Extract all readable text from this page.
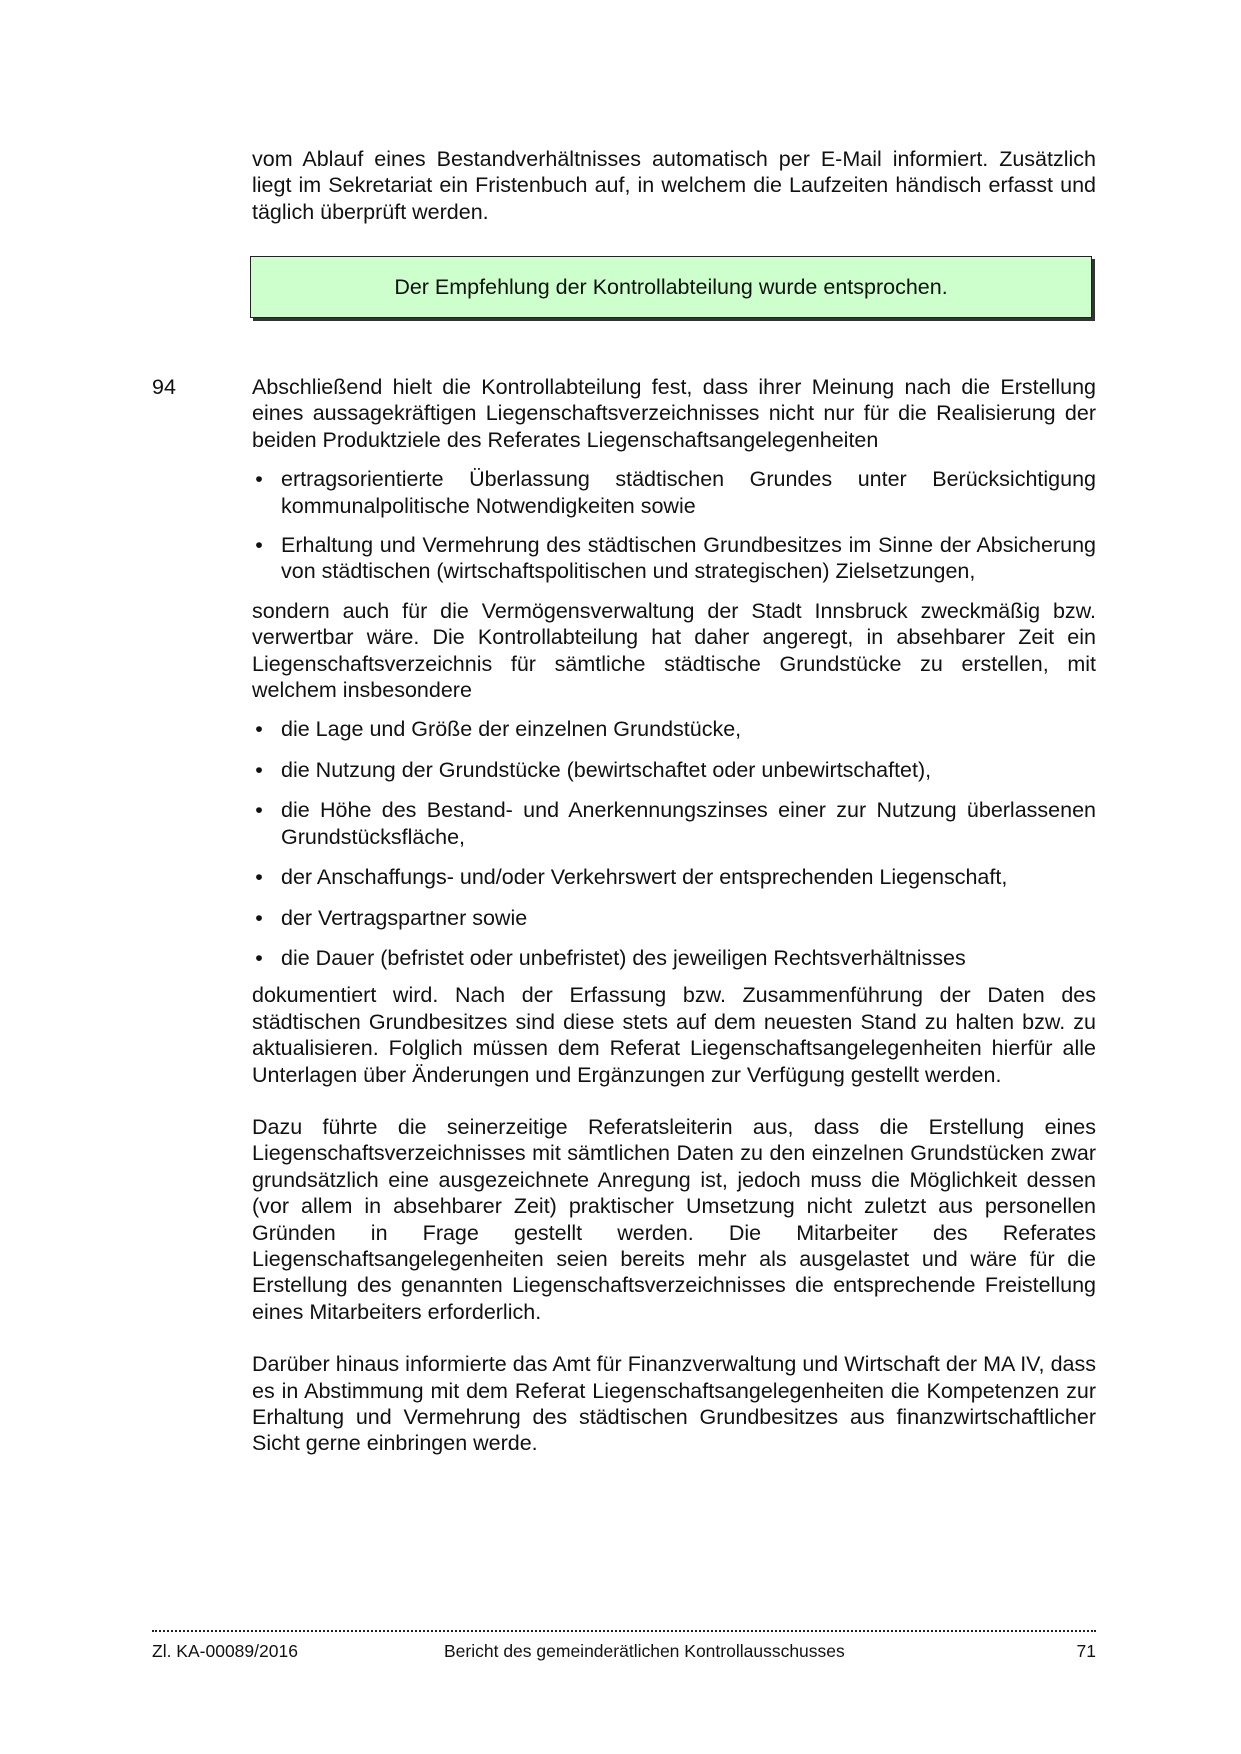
vom Ablauf eines Bestandverhältnisses automatisch per E-Mail informiert. Zusätzlich liegt im Sekretariat ein Fristenbuch auf, in welchem die Laufzeiten händisch erfasst und täglich überprüft werden.

Der Empfehlung der Kontrollabteilung wurde entsprochen.
94	Abschließend hielt die Kontrollabteilung fest, dass ihrer Meinung nach die Erstellung eines aussagekräftigen Liegenschaftsverzeichnisses nicht nur für die Realisierung der beiden Produktziele des Referates Liegenschaftsangelegenheiten

• ertragsorientierte Überlassung städtischen Grundes unter Berücksichtigung kommunalpolitische Notwendigkeiten sowie
• Erhaltung und Vermehrung des städtischen Grundbesitzes im Sinne der Absicherung von städtischen (wirtschaftspolitischen und strategischen) Zielsetzungen,

sondern auch für die Vermögensverwaltung der Stadt Innsbruck zweckmäßig bzw. verwertbar wäre. Die Kontrollabteilung hat daher angeregt, in absehbarer Zeit ein Liegenschaftsverzeichnis für sämtliche städtische Grundstücke zu erstellen, mit welchem insbesondere

• die Lage und Größe der einzelnen Grundstücke,
• die Nutzung der Grundstücke (bewirtschaftet oder unbewirtschaftet),
• die Höhe des Bestand- und Anerkennungszinses einer zur Nutzung überlassenen Grundstücksfläche,
• der Anschaffungs- und/oder Verkehrswert der entsprechenden Liegenschaft,
• der Vertragspartner sowie
• die Dauer (befristet oder unbefristet) des jeweiligen Rechtsverhältnisses

dokumentiert wird. Nach der Erfassung bzw. Zusammenführung der Daten des städtischen Grundbesitzes sind diese stets auf dem neuesten Stand zu halten bzw. zu aktualisieren. Folglich müssen dem Referat Liegenschaftsangelegenheiten hierfür alle Unterlagen über Änderungen und Ergänzungen zur Verfügung gestellt werden.

Dazu führte die seinerzeitige Referatsleiterin aus, dass die Erstellung eines Liegenschaftsverzeichnisses mit sämtlichen Daten zu den einzelnen Grundstücken zwar grundsätzlich eine ausgezeichnete Anregung ist, jedoch muss die Möglichkeit dessen (vor allem in absehbarer Zeit) praktischer Umsetzung nicht zuletzt aus personellen Gründen in Frage gestellt werden. Die Mitarbeiter des Referates Liegenschaftsangelegenheiten seien bereits mehr als ausgelastet und wäre für die Erstellung des genannten Liegenschaftsverzeichnisses die entsprechende Freistellung eines Mitarbeiters erforderlich.

Darüber hinaus informierte das Amt für Finanzverwaltung und Wirtschaft der MA IV, dass es in Abstimmung mit dem Referat Liegenschaftsangelegenheiten die Kompetenzen zur Erhaltung und Vermehrung des städtischen Grundbesitzes aus finanzwirtschaftlicher Sicht gerne einbringen werde.

Zl. KA-00089/2016	Bericht des gemeinderätlichen Kontrollausschusses	71
